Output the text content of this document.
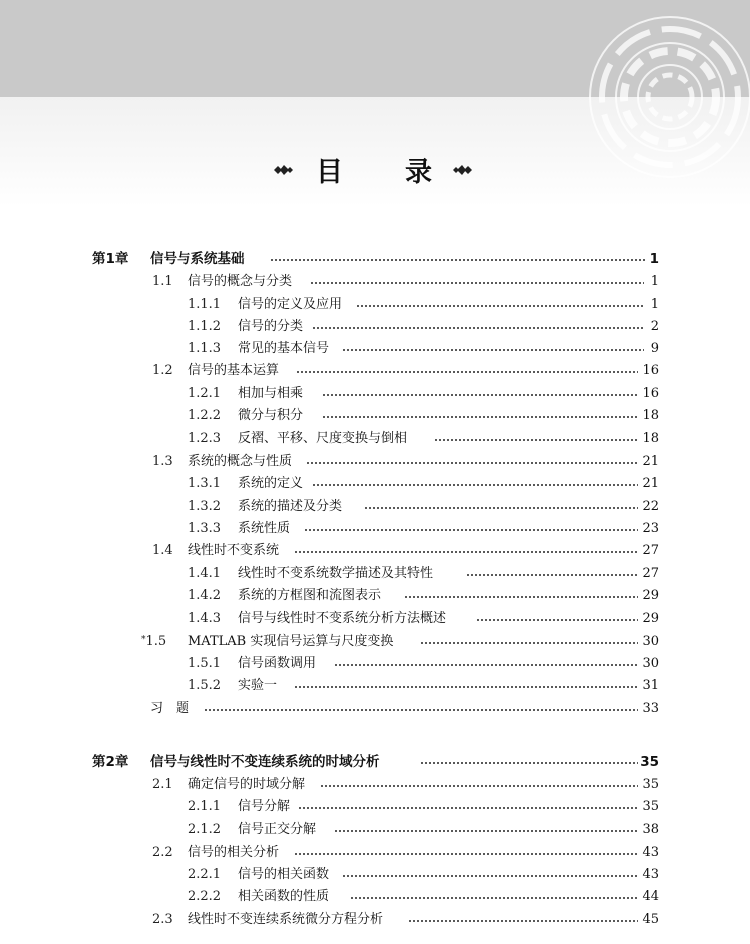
目 录
第1章 信号与系统基础	1
1.1 信号的概念与分类	1
1.1.1 信号的定义及应用	1
1.1.2 信号的分类	2
1.1.3 常见的基本信号	9
1.2 信号的基本运算	16
1.2.1 相加与相乘	16
1.2.2 微分与积分	18
1.2.3 反褶、平移、尺度变换与倒相	18
1.3 系统的概念与性质	21
1.3.1 系统的定义	21
1.3.2 系统的描述及分类	22
1.3.3 系统性质	23
1.4 线性时不变系统	27
1.4.1 线性时不变系统数学描述及其特性	27
1.4.2 系统的方框图和流图表示	29
1.4.3 信号与线性时不变系统分析方法概述	29
*1.5 MATLAB 实现信号运算与尺度变换	30
1.5.1 信号函数调用	30
1.5.2 实验一	31
习　题	33
第2章 信号与线性时不变连续系统的时域分析	35
2.1 确定信号的时域分解	35
2.1.1 信号分解	35
2.1.2 信号正交分解	38
2.2 信号的相关分析	43
2.2.1 信号的相关函数	43
2.2.2 相关函数的性质	44
2.3 线性时不变连续系统微分方程分析	45
